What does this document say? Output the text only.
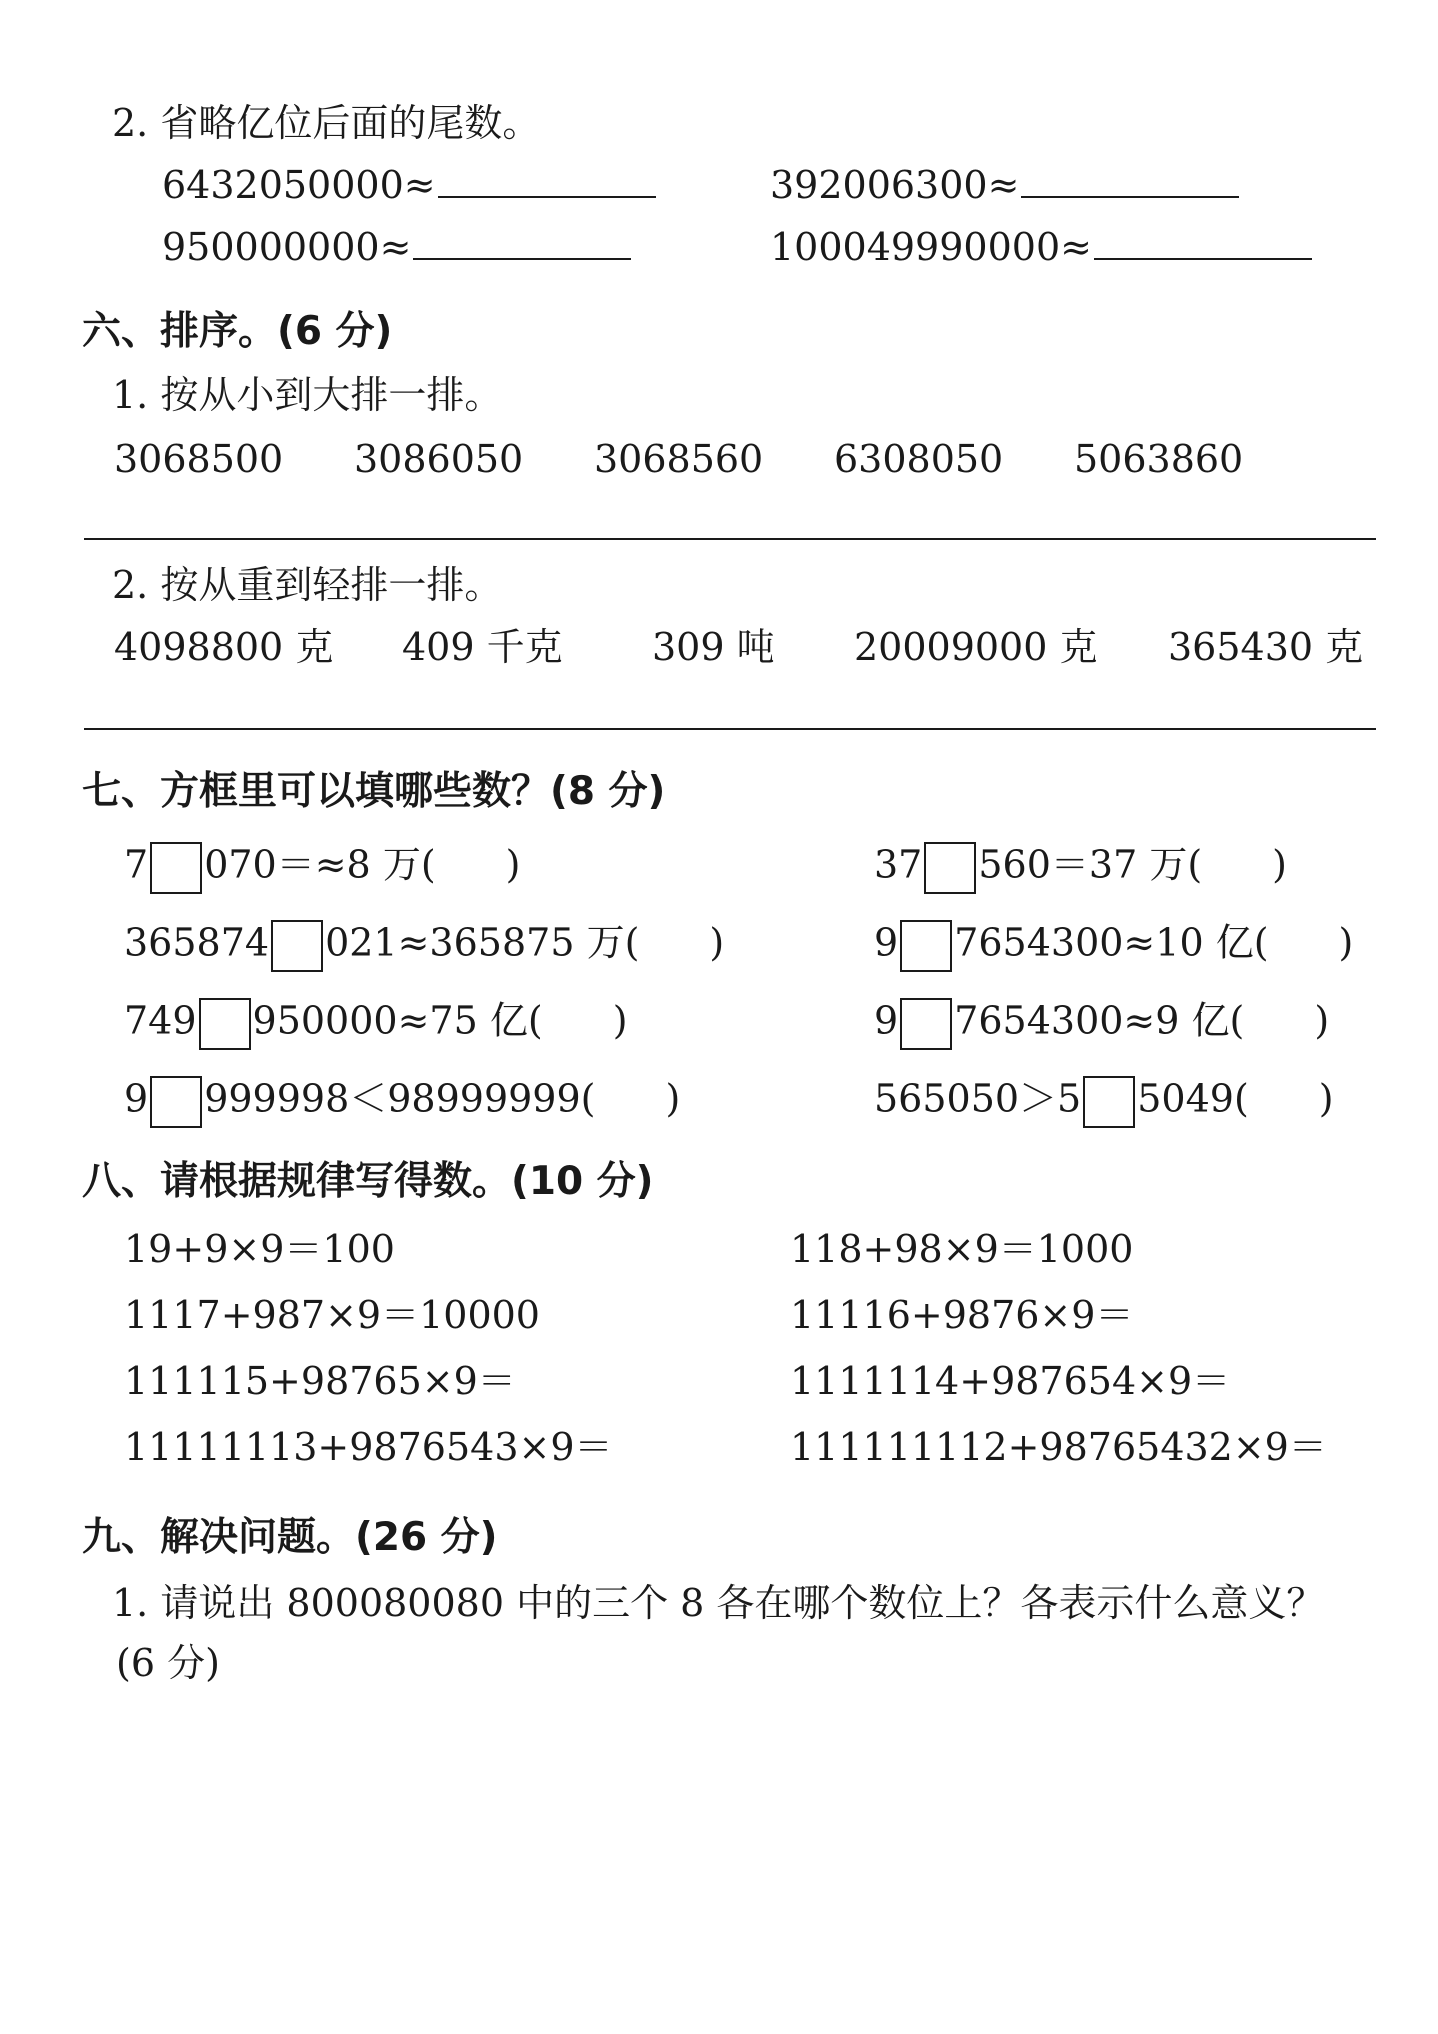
2. 省略亿位后面的尾数。
6432050000≈	392006300≈
950000000≈	100049990000≈
六、排序。(6 分)
1. 按从小到大排一排。
3068500 3086050 3068560 6308050 5063860
2. 按从重到轻排一排。
4098800 克 409 千克 309 吨 20009000 克 365430 克
七、方框里可以填哪些数？(8 分)
7 070＝≈8 万( )	37 560＝37 万( )
365874 021≈365875 万( )	9 7654300≈10 亿( )
749 950000≈75 亿( )	9 7654300≈9 亿( )
9 999998＜98999999( )	565050＞5 5049( )
八、请根据规律写得数。(10 分)
19+9×9＝100	118+98×9＝1000
1117+987×9＝10000	11116+9876×9＝
111115+98765×9＝	1111114+987654×9＝
11111113+9876543×9＝	111111112+98765432×9＝
九、解决问题。(26 分)
1. 请说出 800080080 中的三个 8 各在哪个数位上？各表示什么意义？
(6 分)
